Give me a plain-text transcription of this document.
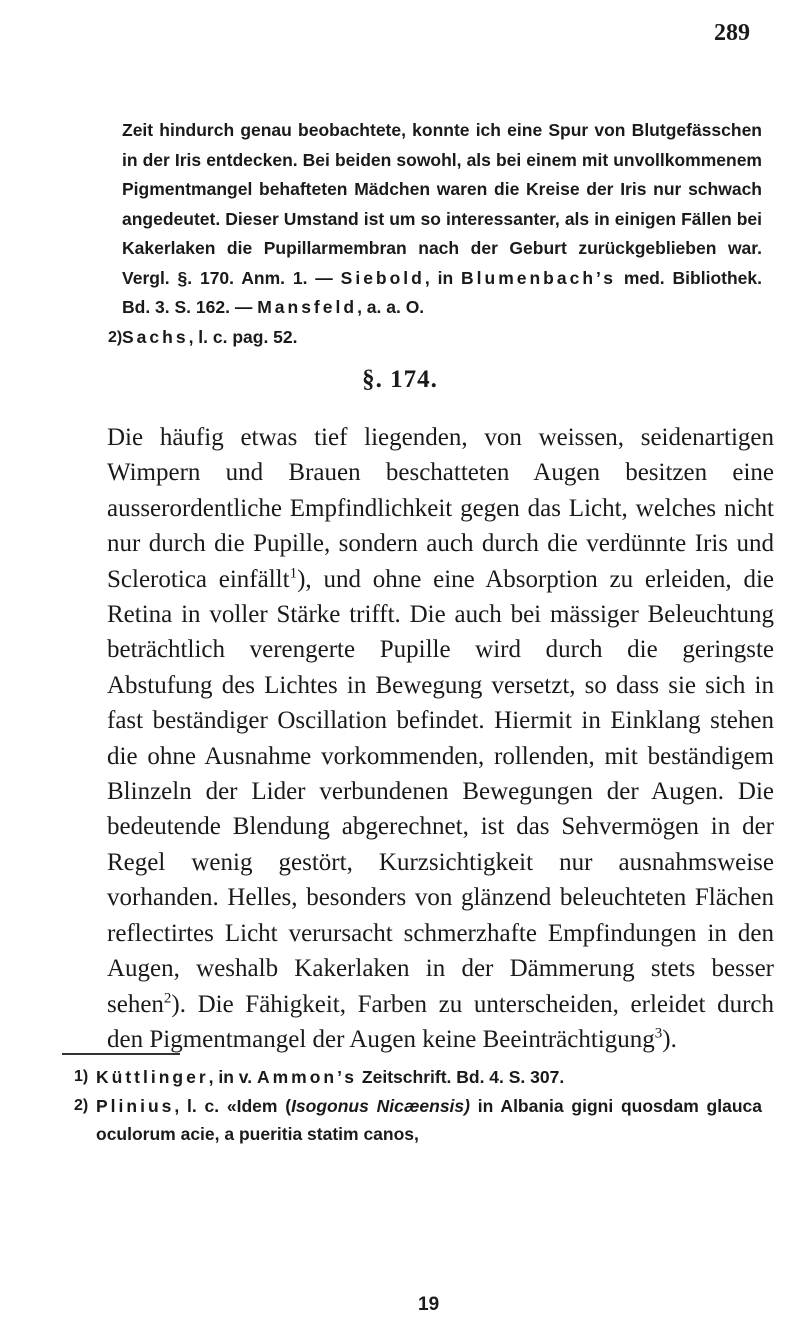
289
Zeit hindurch genau beobachtete, konnte ich eine Spur von Blutgefässchen in der Iris entdecken. Bei beiden sowohl, als bei einem mit unvollkommenem Pigmentmangel behafteten Mädchen waren die Kreise der Iris nur schwach angedeutet. Dieser Umstand ist um so interessanter, als in einigen Fällen bei Kakerlaken die Pupillarmembran nach der Geburt zurückgeblieben war. Vergl. §. 170. Anm. 1. — Siebold, in Blumenbach’s med. Bibliothek. Bd. 3. S. 162. — Mansfeld, a. a. O.
2) Sachs, l. c. pag. 52.
§. 174.
Die häufig etwas tief liegenden, von weissen, seidenartigen Wimpern und Brauen beschatteten Augen besitzen eine ausserordentliche Empfindlichkeit gegen das Licht, welches nicht nur durch die Pupille, sondern auch durch die verdünnte Iris und Sclerotica einfällt$^1$), und ohne eine Absorption zu erleiden, die Retina in voller Stärke trifft. Die auch bei mässiger Beleuchtung beträchtlich verengerte Pupille wird durch die geringste Abstufung des Lichtes in Bewegung versetzt, so dass sie sich in fast beständiger Oscillation befindet. Hiermit in Einklang stehen die ohne Ausnahme vorkommenden, rollenden, mit beständigem Blinzeln der Lider verbundenen Bewegungen der Augen. Die bedeutende Blendung abgerechnet, ist das Sehvermögen in der Regel wenig gestört, Kurzsichtigkeit nur ausnahmsweise vorhanden. Helles, besonders von glänzend beleuchteten Flächen reflectirtes Licht verursacht schmerzhafte Empfindungen in den Augen, weshalb Kakerlaken in der Dämmerung stets besser sehen$^2$). Die Fähigkeit, Farben zu unterscheiden, erleidet durch den Pigmentmangel der Augen keine Beeinträchtigung$^3$).
1) Küttlinger, in v. Ammon’s Zeitschrift. Bd. 4. S. 307.
2) Plinius, l. c. «Idem (Isogonus Nicæensis) in Albania gigni quosdam glauca oculorum acie, a pueritia statim canos,
19
